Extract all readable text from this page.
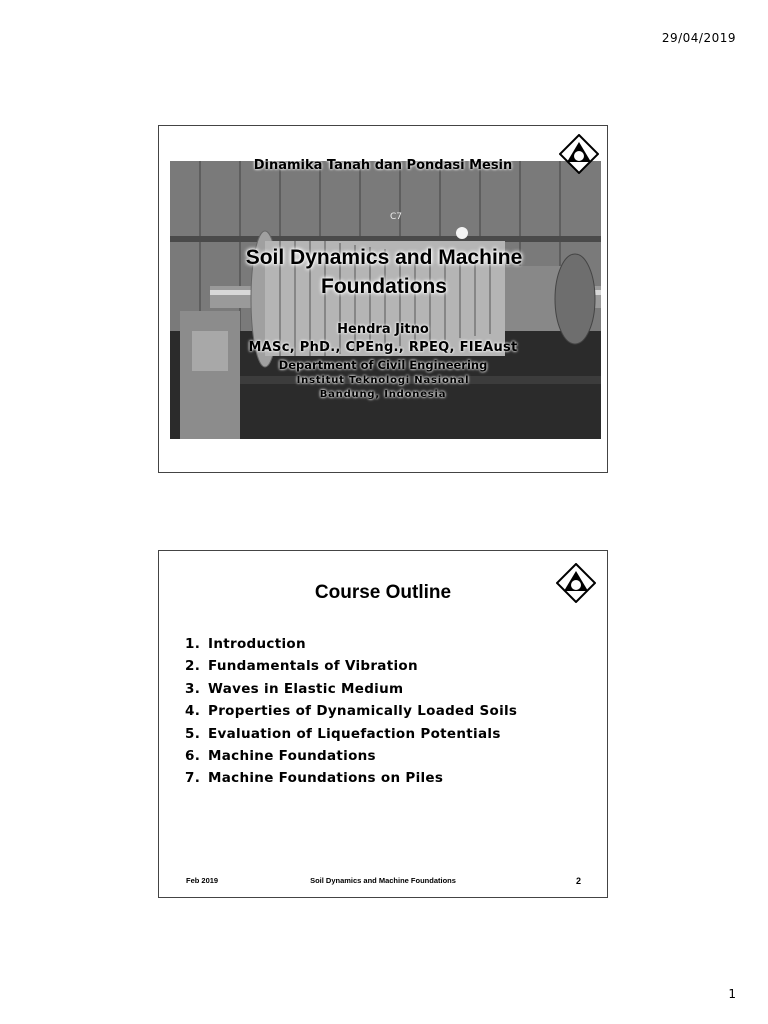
29/04/2019
C7
Dinamika Tanah dan Pondasi Mesin
Soil Dynamics and Machine Foundations
Hendra Jitno
MASc, PhD., CPEng., RPEQ, FIEAust
Department of Civil Engineering
Institut Teknologi Nasional
Bandung, Indonesia
Course Outline
1. Introduction
2. Fundamentals of Vibration
3. Waves in Elastic Medium
4. Properties of Dynamically Loaded Soils
5. Evaluation of Liquefaction Potentials
6. Machine Foundations
7. Machine Foundations on Piles
Feb 2019	Soil Dynamics and Machine Foundations	2
1
